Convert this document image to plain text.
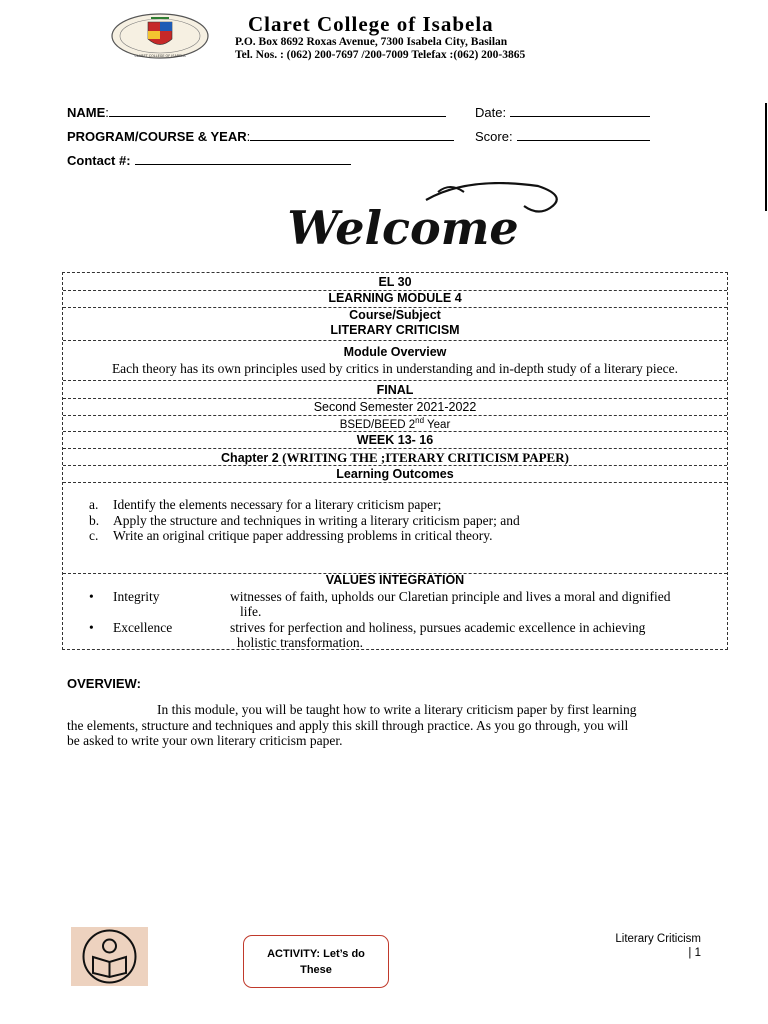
CLARET COLLEGE OF ISABELA
Claret College of Isabela
P.O. Box 8692 Roxas Avenue, 7300 Isabela City, Basilan
Tel. Nos. : (062) 200-7697 /200-7009 Telefax :(062) 200-3865
NAME:
PROGRAM/COURSE & YEAR:
Contact #:
Date:
Score:
Welcome
EL 30
LEARNING MODULE 4
Course/Subject
LITERARY CRITICISM
Module Overview
Each theory has its own principles used by critics in understanding and in-depth study of a literary piece.
FINAL
Second Semester 2021-2022
BSED/BEED 2nd Year
WEEK 13- 16
Chapter 2 (WRITING THE ;ITERARY CRITICISM PAPER)
Learning Outcomes
a. Identify the elements necessary for a literary criticism paper;
b. Apply the structure and techniques in writing a literary criticism paper; and
c. Write an original critique paper addressing problems in critical theory.
VALUES INTEGRATION
• Integrity	witnesses of faith, upholds our Claretian principle and lives a moral and dignified
life.
• Excellence	strives for perfection and holiness, pursues academic excellence in achieving
holistic transformation.
OVERVIEW:
In this module, you will be taught how to write a literary criticism paper by first learning
the elements, structure and techniques and apply this skill through practice. As you go through, you will
be asked to write your own literary criticism paper.
ACTIVITY: Let’s do
These
Literary Criticism
| 1
